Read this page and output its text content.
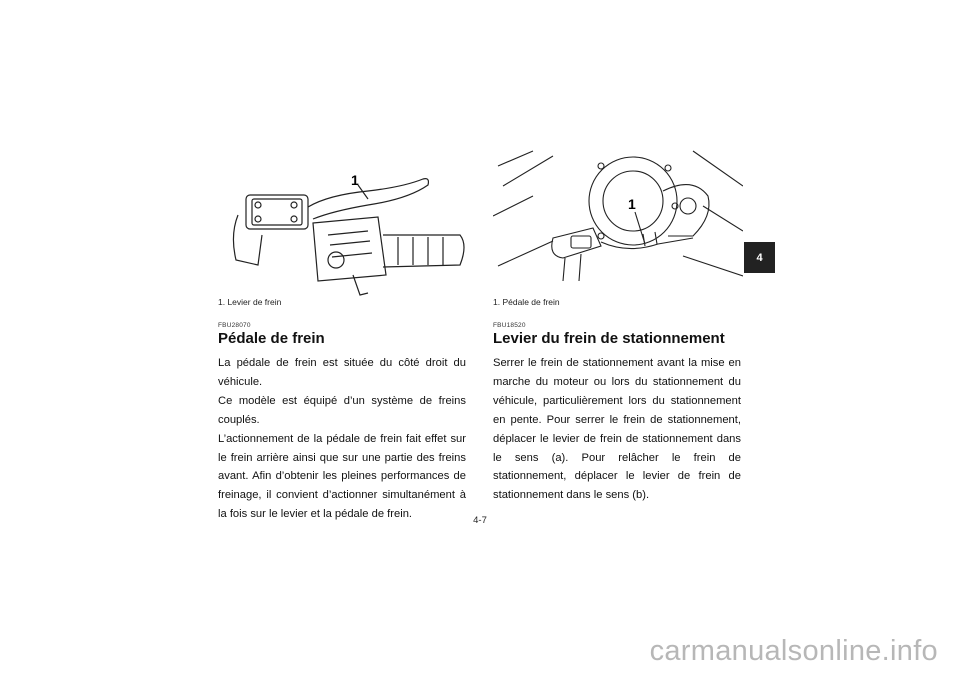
1
1. Levier de frein
FBU28070
Pédale de frein

La pédale de frein est située du côté droit du véhicule.

Ce modèle est équipé d’un système de freins couplés.

L’actionnement de la pédale de frein fait effet sur le frein arrière ainsi que sur une partie des freins avant. Afin d’obtenir les pleines performances de freinage, il convient d’actionner simultanément à la fois sur le levier et la pédale de frein.

1
1. Pédale de frein
FBU18520
Levier du frein de stationnement

Serrer le frein de stationnement avant la mise en marche du moteur ou lors du stationnement du véhicule, particulièrement lors du stationnement en pente. Pour serrer le frein de stationnement, déplacer le levier de frein de stationnement dans le sens (a). Pour relâcher le frein de stationnement, déplacer le levier de frein de stationnement dans le sens (b).

4
4-7
carmanualsonline.info
